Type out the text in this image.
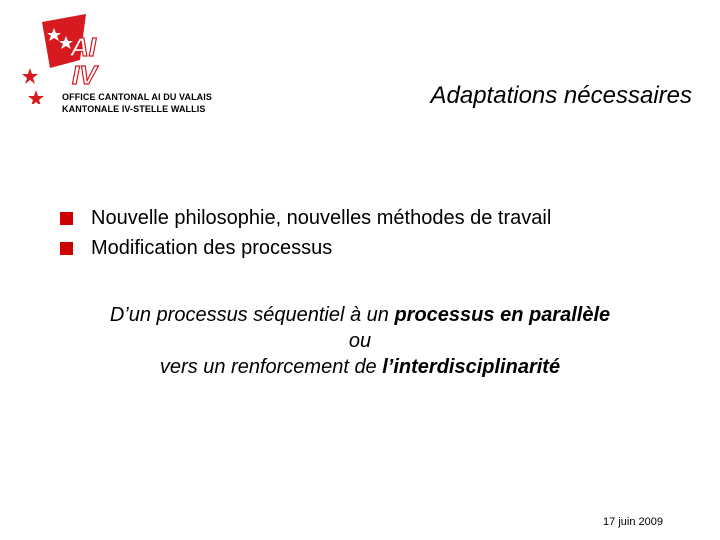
AI
IV
OFFICE CANTONAL AI DU VALAIS
KANTONALE IV-STELLE WALLIS	Adaptations nécessaires
Nouvelle philosophie, nouvelles méthodes de travail
Modification des processus
D’un processus séquentiel à un processus en parallèle
ou
vers un renforcement de l’interdisciplinarité
17 juin 2009
